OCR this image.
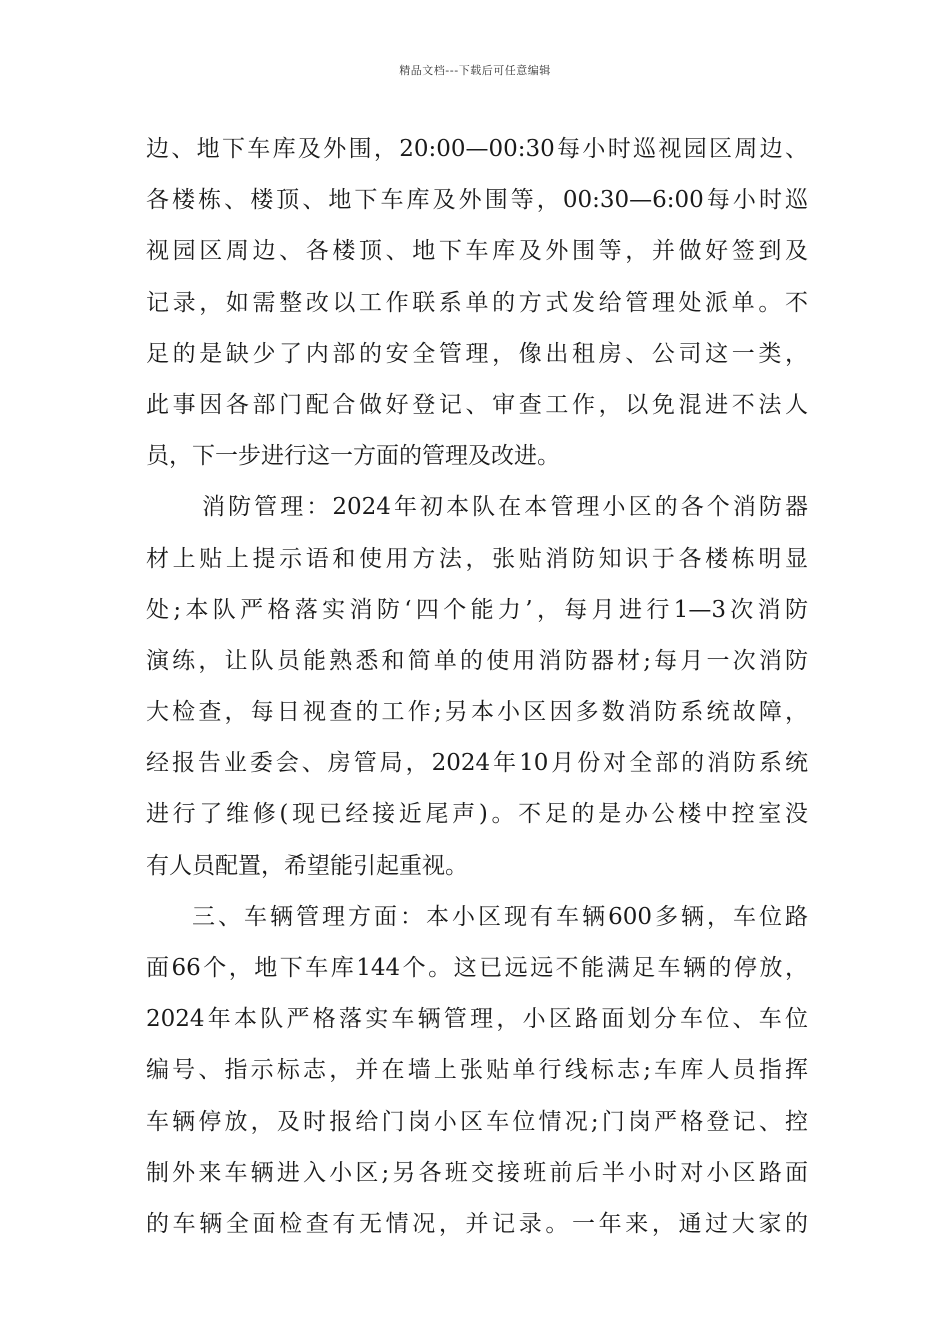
精品文档---下载后可任意编辑
边、地下车库及外围，20:00—00:30每小时巡视园区周边、
各楼栋、楼顶、地下车库及外围等，00:30—6:00每小时巡
视园区周边、各楼顶、地下车库及外围等，并做好签到及
记录，如需整改以工作联系单的方式发给管理处派单。不
足的是缺少了内部的安全管理，像出租房、公司这一类，
此事因各部门配合做好登记、审查工作，以免混进不法人
员，下一步进行这一方面的管理及改进。
消防管理：2024年初本队在本管理小区的各个消防器
材上贴上提示语和使用方法，张贴消防知识于各楼栋明显
处;本队严格落实消防‘四个能力’，每月进行1—3次消防
演练，让队员能熟悉和简单的使用消防器材;每月一次消防
大检查，每日视查的工作;另本小区因多数消防系统故障，
经报告业委会、房管局，2024年10月份对全部的消防系统
进行了维修(现已经接近尾声)。不足的是办公楼中控室没
有人员配置，希望能引起重视。
三、车辆管理方面：本小区现有车辆600多辆，车位路
面66个，地下车库144个。这已远远不能满足车辆的停放，
2024年本队严格落实车辆管理，小区路面划分车位、车位
编号、指示标志，并在墙上张贴单行线标志;车库人员指挥
车辆停放，及时报给门岗小区车位情况;门岗严格登记、控
制外来车辆进入小区;另各班交接班前后半小时对小区路面
的车辆全面检查有无情况，并记录。一年来，通过大家的
